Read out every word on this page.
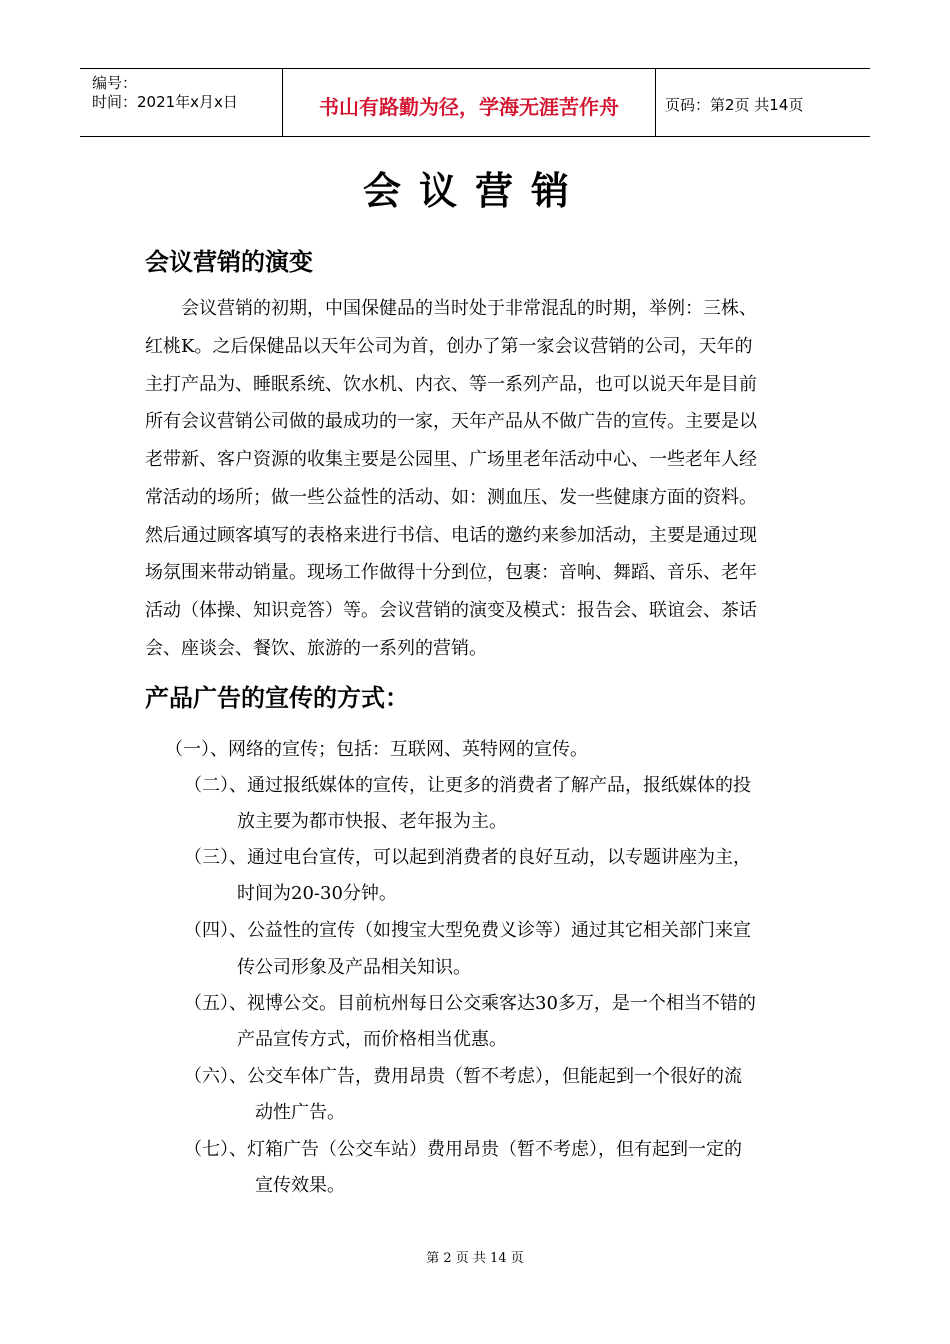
编号：
时间：2021年x月x日	书山有路勤为径，学海无涯苦作舟	页码：第2页 共14页
会议营销
会议营销的演变
会议营销的初期，中国保健品的当时处于非常混乱的时期，举例：三株、
红桃K。之后保健品以天年公司为首，创办了第一家会议营销的公司，天年的
主打产品为、睡眠系统、饮水机、内衣、等一系列产品，也可以说天年是目前
所有会议营销公司做的最成功的一家，天年产品从不做广告的宣传。主要是以
老带新、客户资源的收集主要是公园里、广场里老年活动中心、一些老年人经
常活动的场所；做一些公益性的活动、如：测血压、发一些健康方面的资料。
然后通过顾客填写的表格来进行书信、电话的邀约来参加活动，主要是通过现
场氛围来带动销量。现场工作做得十分到位，包裹：音响、舞蹈、音乐、老年
活动（体操、知识竞答）等。会议营销的演变及模式：报告会、联谊会、茶话
会、座谈会、餐饮、旅游的一系列的营销。
产品广告的宣传的方式：
（一）、网络的宣传；包括：互联网、英特网的宣传。
（二）、通过报纸媒体的宣传，让更多的消费者了解产品，报纸媒体的投
放主要为都市快报、老年报为主。
（三）、通过电台宣传，可以起到消费者的良好互动，以专题讲座为主，
时间为20-30分钟。
（四）、公益性的宣传（如搜宝大型免费义诊等）通过其它相关部门来宣
传公司形象及产品相关知识。
（五）、视博公交。目前杭州每日公交乘客达30多万，是一个相当不错的
产品宣传方式，而价格相当优惠。
（六）、公交车体广告，费用昂贵（暂不考虑），但能起到一个很好的流
动性广告。
（七）、灯箱广告（公交车站）费用昂贵（暂不考虑），但有起到一定的
宣传效果。
第 2 页 共 14 页
